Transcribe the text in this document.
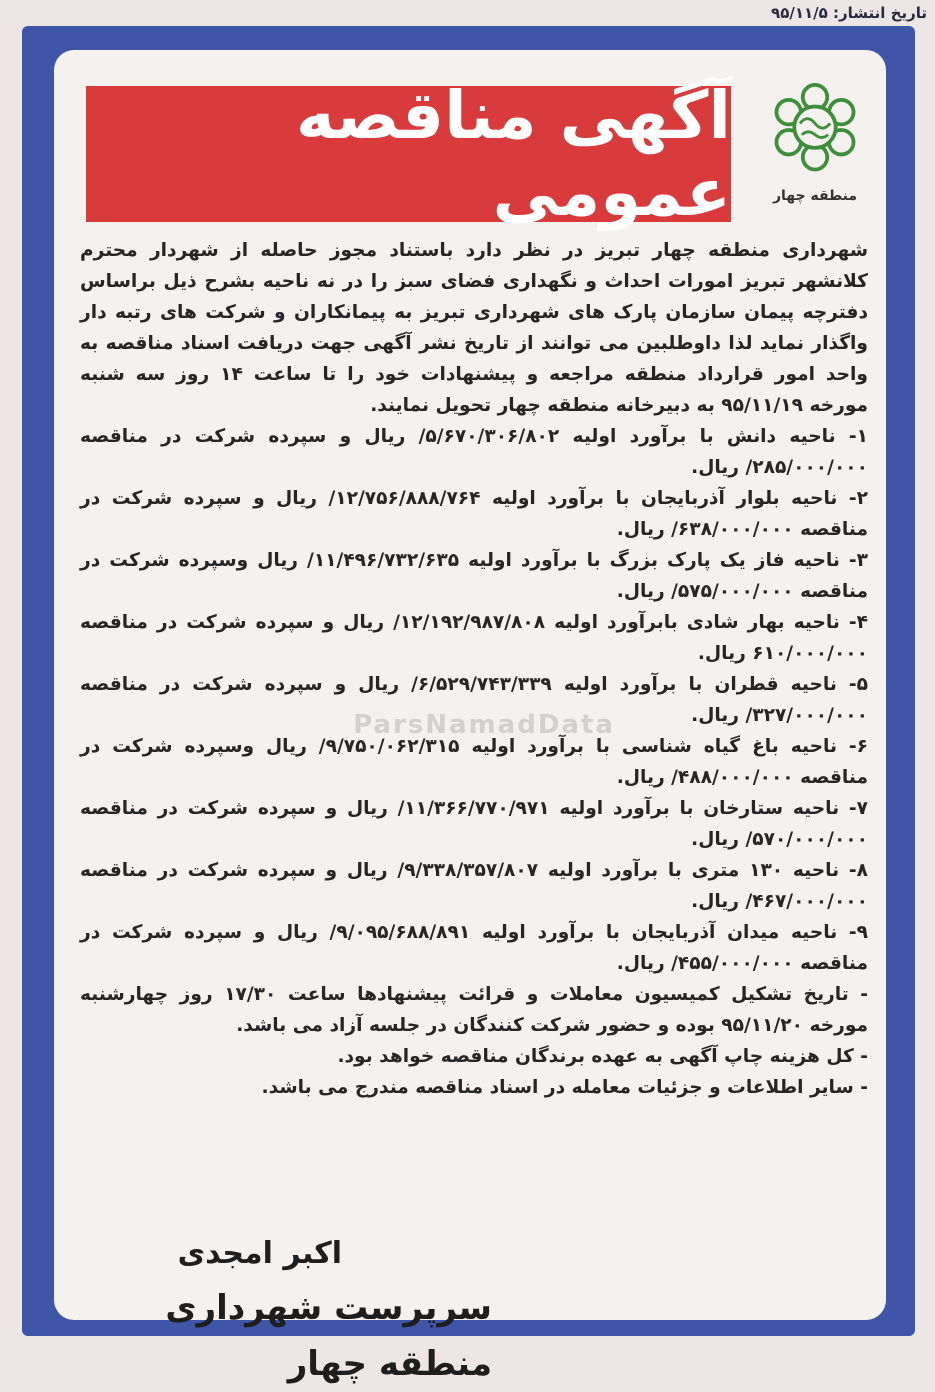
تاریخ انتشار: ۹۵/۱۱/۵
آگهی مناقصه عمومی	منطقه چهار

شهرداری منطقه چهار تبریز در نظر دارد باستناد مجوز حاصله از شهردار محترم کلانشهر تبریز امورات احداث و نگهداری فضای سبز را در نه ناحیه بشرح ذیل براساس دفترچه پیمان سازمان پارک های شهرداری تبریز به پیمانکاران و شرکت های رتبه دار واگذار نماید لذا داوطلبین می توانند از تاریخ نشر آگهی جهت دریافت اسناد مناقصه به واحد امور قرارداد منطقه مراجعه و پیشنهادات خود را تا ساعت ۱۴ روز سه شنبه مورخه ۹۵/۱۱/۱۹ به دبیرخانه منطقه چهار تحویل نمایند.

۱- ناحیه دانش با برآورد اولیه ۵/۶۷۰/۳۰۶/۸۰۲/ ریال و سپرده شرکت در مناقصه ۲۸۵/۰۰۰/۰۰۰/ ریال.

۲- ناحیه بلوار آذربایجان با برآورد اولیه ۱۲/۷۵۶/۸۸۸/۷۶۴/ ریال و سپرده شرکت در مناقصه ۶۳۸/۰۰۰/۰۰۰/ ریال.

۳- ناحیه فاز یک پارک بزرگ با برآورد اولیه ۱۱/۴۹۶/۷۳۲/۶۳۵/ ریال وسپرده شرکت در مناقصه ۵۷۵/۰۰۰/۰۰۰/ ریال.

۴- ناحیه بهار شادی بابرآورد اولیه ۱۲/۱۹۲/۹۸۷/۸۰۸/ ریال و سپرده شرکت در مناقصه ۶۱۰/۰۰۰/۰۰۰ ریال.

۵- ناحیه قطران با برآورد اولیه ۶/۵۲۹/۷۴۳/۳۳۹/ ریال و سپرده شرکت در مناقصه ۳۲۷/۰۰۰/۰۰۰/ ریال.

۶- ناحیه باغ گیاه شناسی با برآورد اولیه ۹/۷۵۰/۰۶۲/۳۱۵/ ریال وسپرده شرکت در مناقصه ۴۸۸/۰۰۰/۰۰۰/ ریال.

۷- ناحیه ستارخان با برآورد اولیه ۱۱/۳۶۶/۷۷۰/۹۷۱/ ریال و سپرده شرکت در مناقصه ۵۷۰/۰۰۰/۰۰۰/ ریال.

۸- ناحیه ۱۳۰ متری با برآورد اولیه ۹/۳۳۸/۳۵۷/۸۰۷/ ریال و سپرده شرکت در مناقصه ۴۶۷/۰۰۰/۰۰۰/ ریال.

۹- ناحیه میدان آذربایجان با برآورد اولیه ۹/۰۹۵/۶۸۸/۸۹۱/ ریال و سپرده شرکت در مناقصه ۴۵۵/۰۰۰/۰۰۰/ ریال.

- تاریخ تشکیل کمیسیون معاملات و قرائت پیشنهادها ساعت ۱۷/۳۰ روز چهارشنبه مورخه ۹۵/۱۱/۲۰ بوده و حضور شرکت کنندگان در جلسه آزاد می باشد.

- کل هزینه چاپ آگهی به عهده برندگان مناقصه خواهد بود.

- سایر اطلاعات و جزئیات معامله در اسناد مناقصه مندرج می باشد.

ParsNamadData
اکبر امجدی
سرپرست شهرداری منطقه چهار
